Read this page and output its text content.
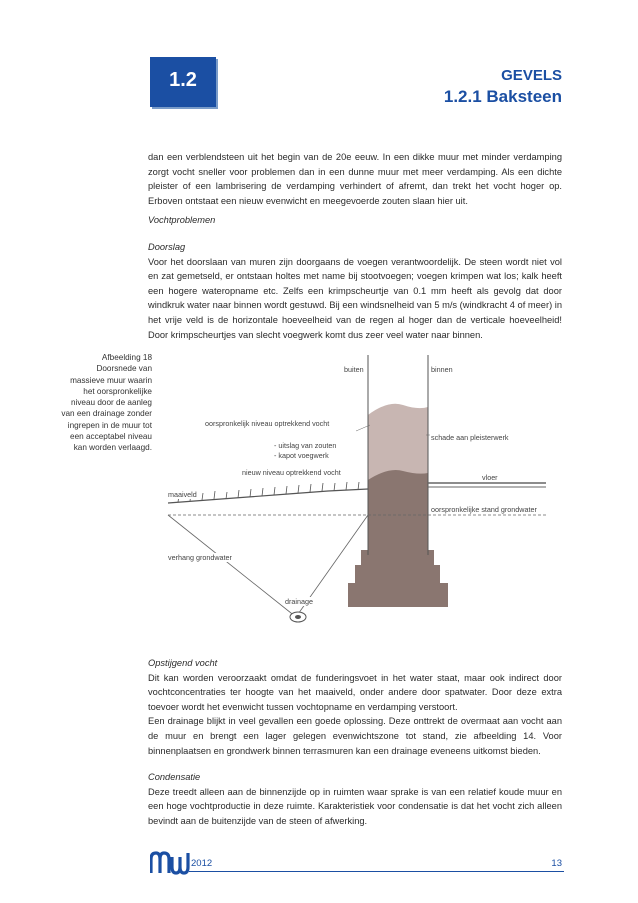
1.2	GEVELS
1.2.1 Baksteen

dan een verblendsteen uit het begin van de 20e eeuw. In een dikke muur met minder verdamping zorgt vocht sneller voor problemen dan in een dunne muur met meer verdamping. Als een dichte pleister of een lambrisering de verdamping verhindert of afremt, dan trekt het vocht hoger op. Erboven ontstaat een nieuw evenwicht en meegevoerde zouten slaan hier uit.

Vochtproblemen

Doorslag

Voor het doorslaan van muren zijn doorgaans de voegen verantwoordelijk. De steen wordt niet vol en zat gemetseld, er ontstaan holtes met name bij stootvoegen; voegen krimpen wat los; kalk heeft een hogere wateropname etc. Zelfs een krimpscheurtje van 0.1 mm heeft als gevolg dat door windkruk water naar binnen wordt gestuwd. Bij een windsnelheid van 5 m/s (windkracht 4 of meer) in het vrije veld is de horizontale hoeveelheid van de regen al hoger dan de verticale hoeveelheid! Door krimpscheurtjes van slecht voegwerk komt dus zeer veel water naar binnen.

Afbeelding 18 Doorsnede van massieve muur waarin het oorspronkelijke niveau door de aanleg van een drainage zonder ingrepen in de muur tot een acceptabel niveau kan worden verlaagd.
buiten	binnen
oorspronkelijk niveau optrekkend vocht
schade aan pleisterwerk
- uitslag van zouten
- kapot voegwerk
nieuw niveau optrekkend vocht
vloer
maaiveld
oorspronkelijke stand grondwater
verhang grondwater
drainage

Opstijgend vocht

Dit kan worden veroorzaakt omdat de funderingsvoet in het water staat, maar ook indirect door vochtconcentraties ter hoogte van het maaiveld, onder andere door spatwater. Door deze extra toevoer wordt het evenwicht tussen vochtopname en verdamping verstoort.

Een drainage blijkt in veel gevallen een goede oplossing. Deze onttrekt de overmaat aan vocht aan de muur en brengt een lager gelegen evenwichtszone tot stand, zie afbeelding 14. Voor binnenplaatsen en grondwerk binnen terrasmuren kan een drainage eveneens uitkomst bieden.

Condensatie

Deze treedt alleen aan de binnenzijde op in ruimten waar sprake is van een relatief koude muur en een hoge vochtproductie in deze ruimte. Karakteristiek voor condensatie is dat het vocht zich alleen bevindt aan de buitenzijde van de steen of afwerking.

2012	13
